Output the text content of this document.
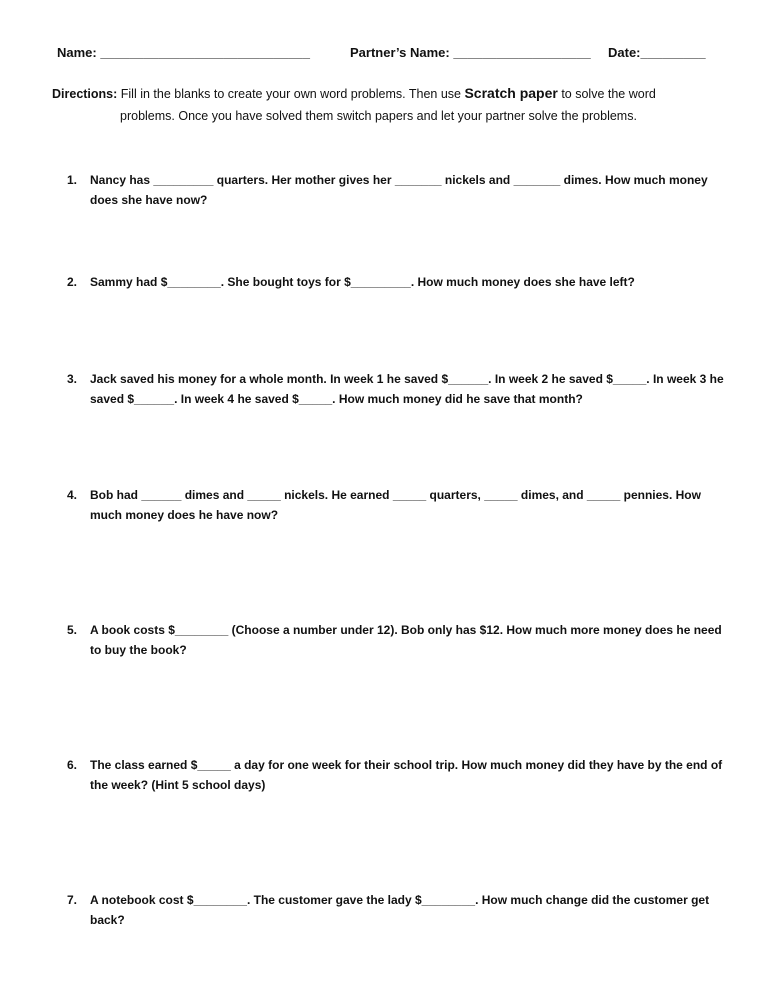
Name: _____________________________	Partner’s Name: ___________________ Date:_________
Directions: Fill in the blanks to create your own word problems. Then use Scratch paper to solve the word
problems. Once you have solved them switch papers and let your partner solve the problems.
1. Nancy has _________ quarters. Her mother gives her _______ nickels and _______ dimes. How much money does she have now?
2. Sammy had $________. She bought toys for $_________. How much money does she have left?
3. Jack saved his money for a whole month. In week 1 he saved $______. In week 2 he saved $_____. In week 3 he saved $______. In week 4 he saved $_____. How much money did he save that month?
4. Bob had ______ dimes and _____ nickels. He earned _____ quarters, _____ dimes, and _____ pennies. How much money does he have now?
5. A book costs $________ (Choose a number under 12). Bob only has $12. How much more money does he need to buy the book?
6. The class earned $_____ a day for one week for their school trip. How much money did they have by the end of the week? (Hint 5 school days)
7. A notebook cost $________. The customer gave the lady $________. How much change did the customer get back?
